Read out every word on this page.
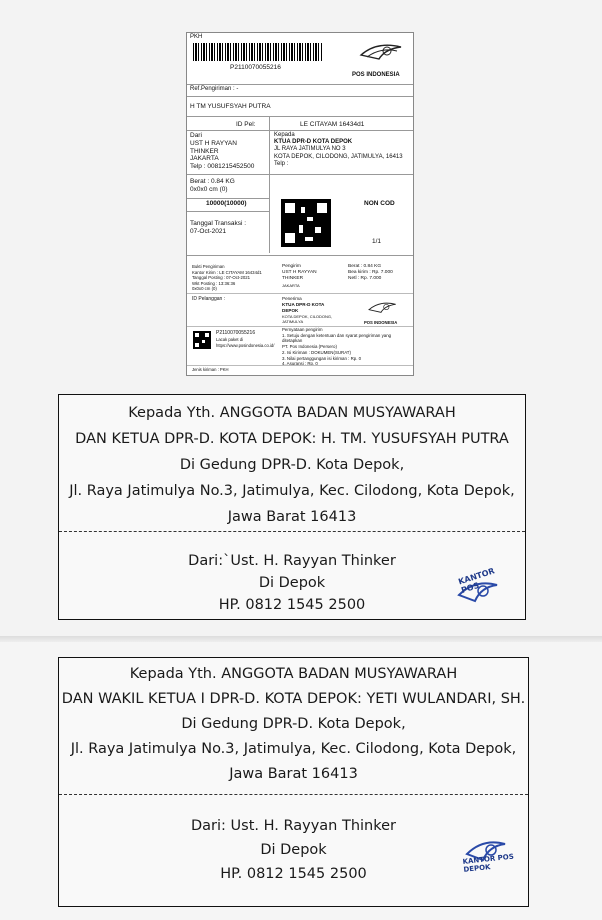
PKH
P2110070055216
POS INDONESIA
Ref.Pengiriman : -
H TM YUSUFSYAH PUTRA
ID Pel:	LE CITAYAM 16434d1
Dari
UST H RAYYAN
THINKER
JAKARTA
Telp : 0081215452500
Kepada
KTUA DPR-D KOTA DEPOK
JL RAYA JATIMULYA NO 3
KOTA DEPOK, CILODONG, JATIMULYA, 16413
Telp :
Berat : 0.84 KG
0x0x0 cm (0)
10000(10000)	NON COD
Tanggal Transaksi :
07-Oct-2021
1/1
Bukti Pengiriman
Kantor Kirim : LE CITAYAM 16434d1
Tanggal Posting : 07-Oct-2021
Wkt Posting : 13:36:36
0x0x0 cm (0)
Pengirim
UST H RAYYAN
THINKER
JAKARTA
Berat : 0.84 KG
Bea kirim : Rp. 7.000
Netl : Rp. 7.000
ID Pelanggan :	Penerima
KTUA DPR-D KOTA
DEPOK
KOTA DEPOK, CILODONG,
JATIMULYA	POS INDONESIA
P2110070055216
Lacak paket di
https://www.posindonesia.co.id/
Pernyataan pengirim
1. Setuju dengan ketentuan dan syarat pengiriman yang
ditetapkan
PT. Pos Indonesia (Persero)
2. Isi Kiriman : DOKUMEN(SURAT)
3. Nilai pertanggungan isi kiriman : Rp. 0
4. Asuransi : Rp. 0
Jenis kiriman : PKH
Kepada Yth. ANGGOTA BADAN MUSYAWARAH
DAN KETUA DPR-D. KOTA DEPOK: H. TM. YUSUFSYAH PUTRA
Di Gedung DPR-D. Kota Depok,
Jl. Raya Jatimulya No.3, Jatimulya, Kec. Cilodong, Kota Depok,
Jawa Barat 16413
Dari:`Ust. H. Rayyan Thinker
Di Depok
HP. 0812 1545 2500
KANTOR POS
Kepada Yth. ANGGOTA BADAN MUSYAWARAH
DAN WAKIL KETUA I DPR-D. KOTA DEPOK: YETI WULANDARI, SH.
Di Gedung DPR-D. Kota Depok,
Jl. Raya Jatimulya No.3, Jatimulya, Kec. Cilodong, Kota Depok,
Jawa Barat 16413
Dari: Ust. H. Rayyan Thinker
Di Depok
HP. 0812 1545 2500
KANTOR POS DEPOK
